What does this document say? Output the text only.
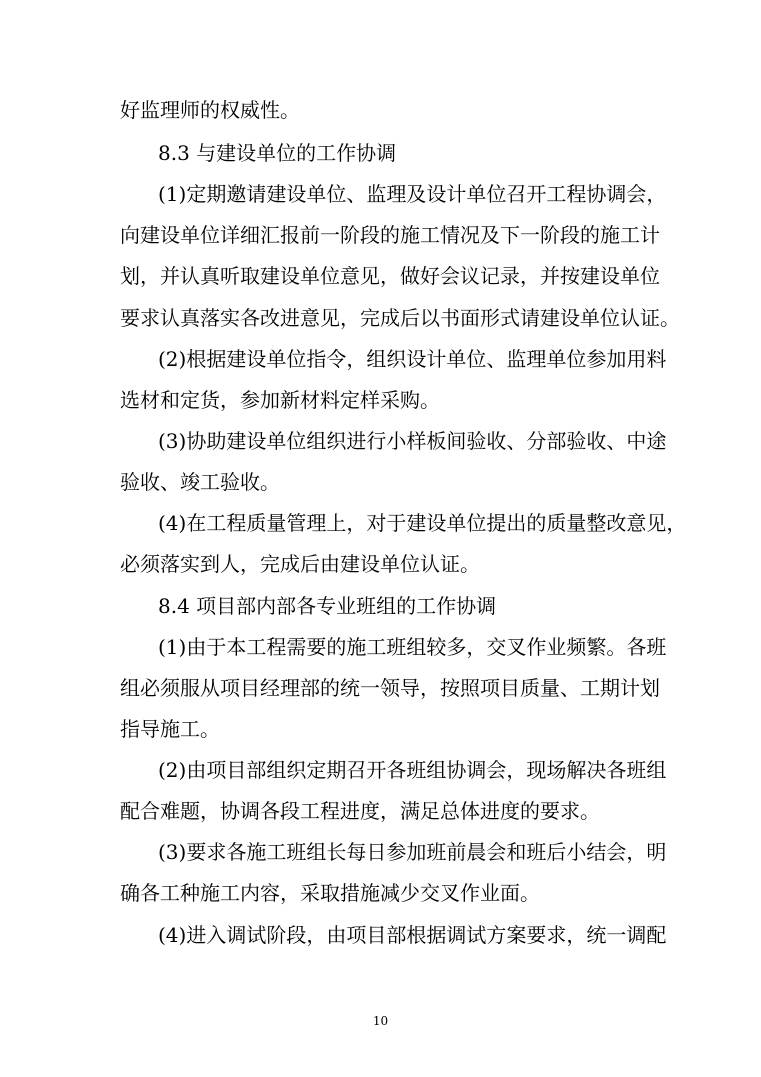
好监理师的权威性。
8.3 与建设单位的工作协调
(1)定期邀请建设单位、监理及设计单位召开工程协调会，
向建设单位详细汇报前一阶段的施工情况及下一阶段的施工计
划，并认真听取建设单位意见，做好会议记录，并按建设单位
要求认真落实各改进意见，完成后以书面形式请建设单位认证。
(2)根据建设单位指令，组织设计单位、监理单位参加用料
选材和定货，参加新材料定样采购。
(3)协助建设单位组织进行小样板间验收、分部验收、中途
验收、竣工验收。
(4)在工程质量管理上，对于建设单位提出的质量整改意见，
必须落实到人，完成后由建设单位认证。
8.4 项目部内部各专业班组的工作协调
(1)由于本工程需要的施工班组较多，交叉作业频繁。各班
组必须服从项目经理部的统一领导，按照项目质量、工期计划
指导施工。
(2)由项目部组织定期召开各班组协调会，现场解决各班组
配合难题，协调各段工程进度，满足总体进度的要求。
(3)要求各施工班组长每日参加班前晨会和班后小结会，明
确各工种施工内容，采取措施减少交叉作业面。
(4)进入调试阶段，由项目部根据调试方案要求，统一调配
10
